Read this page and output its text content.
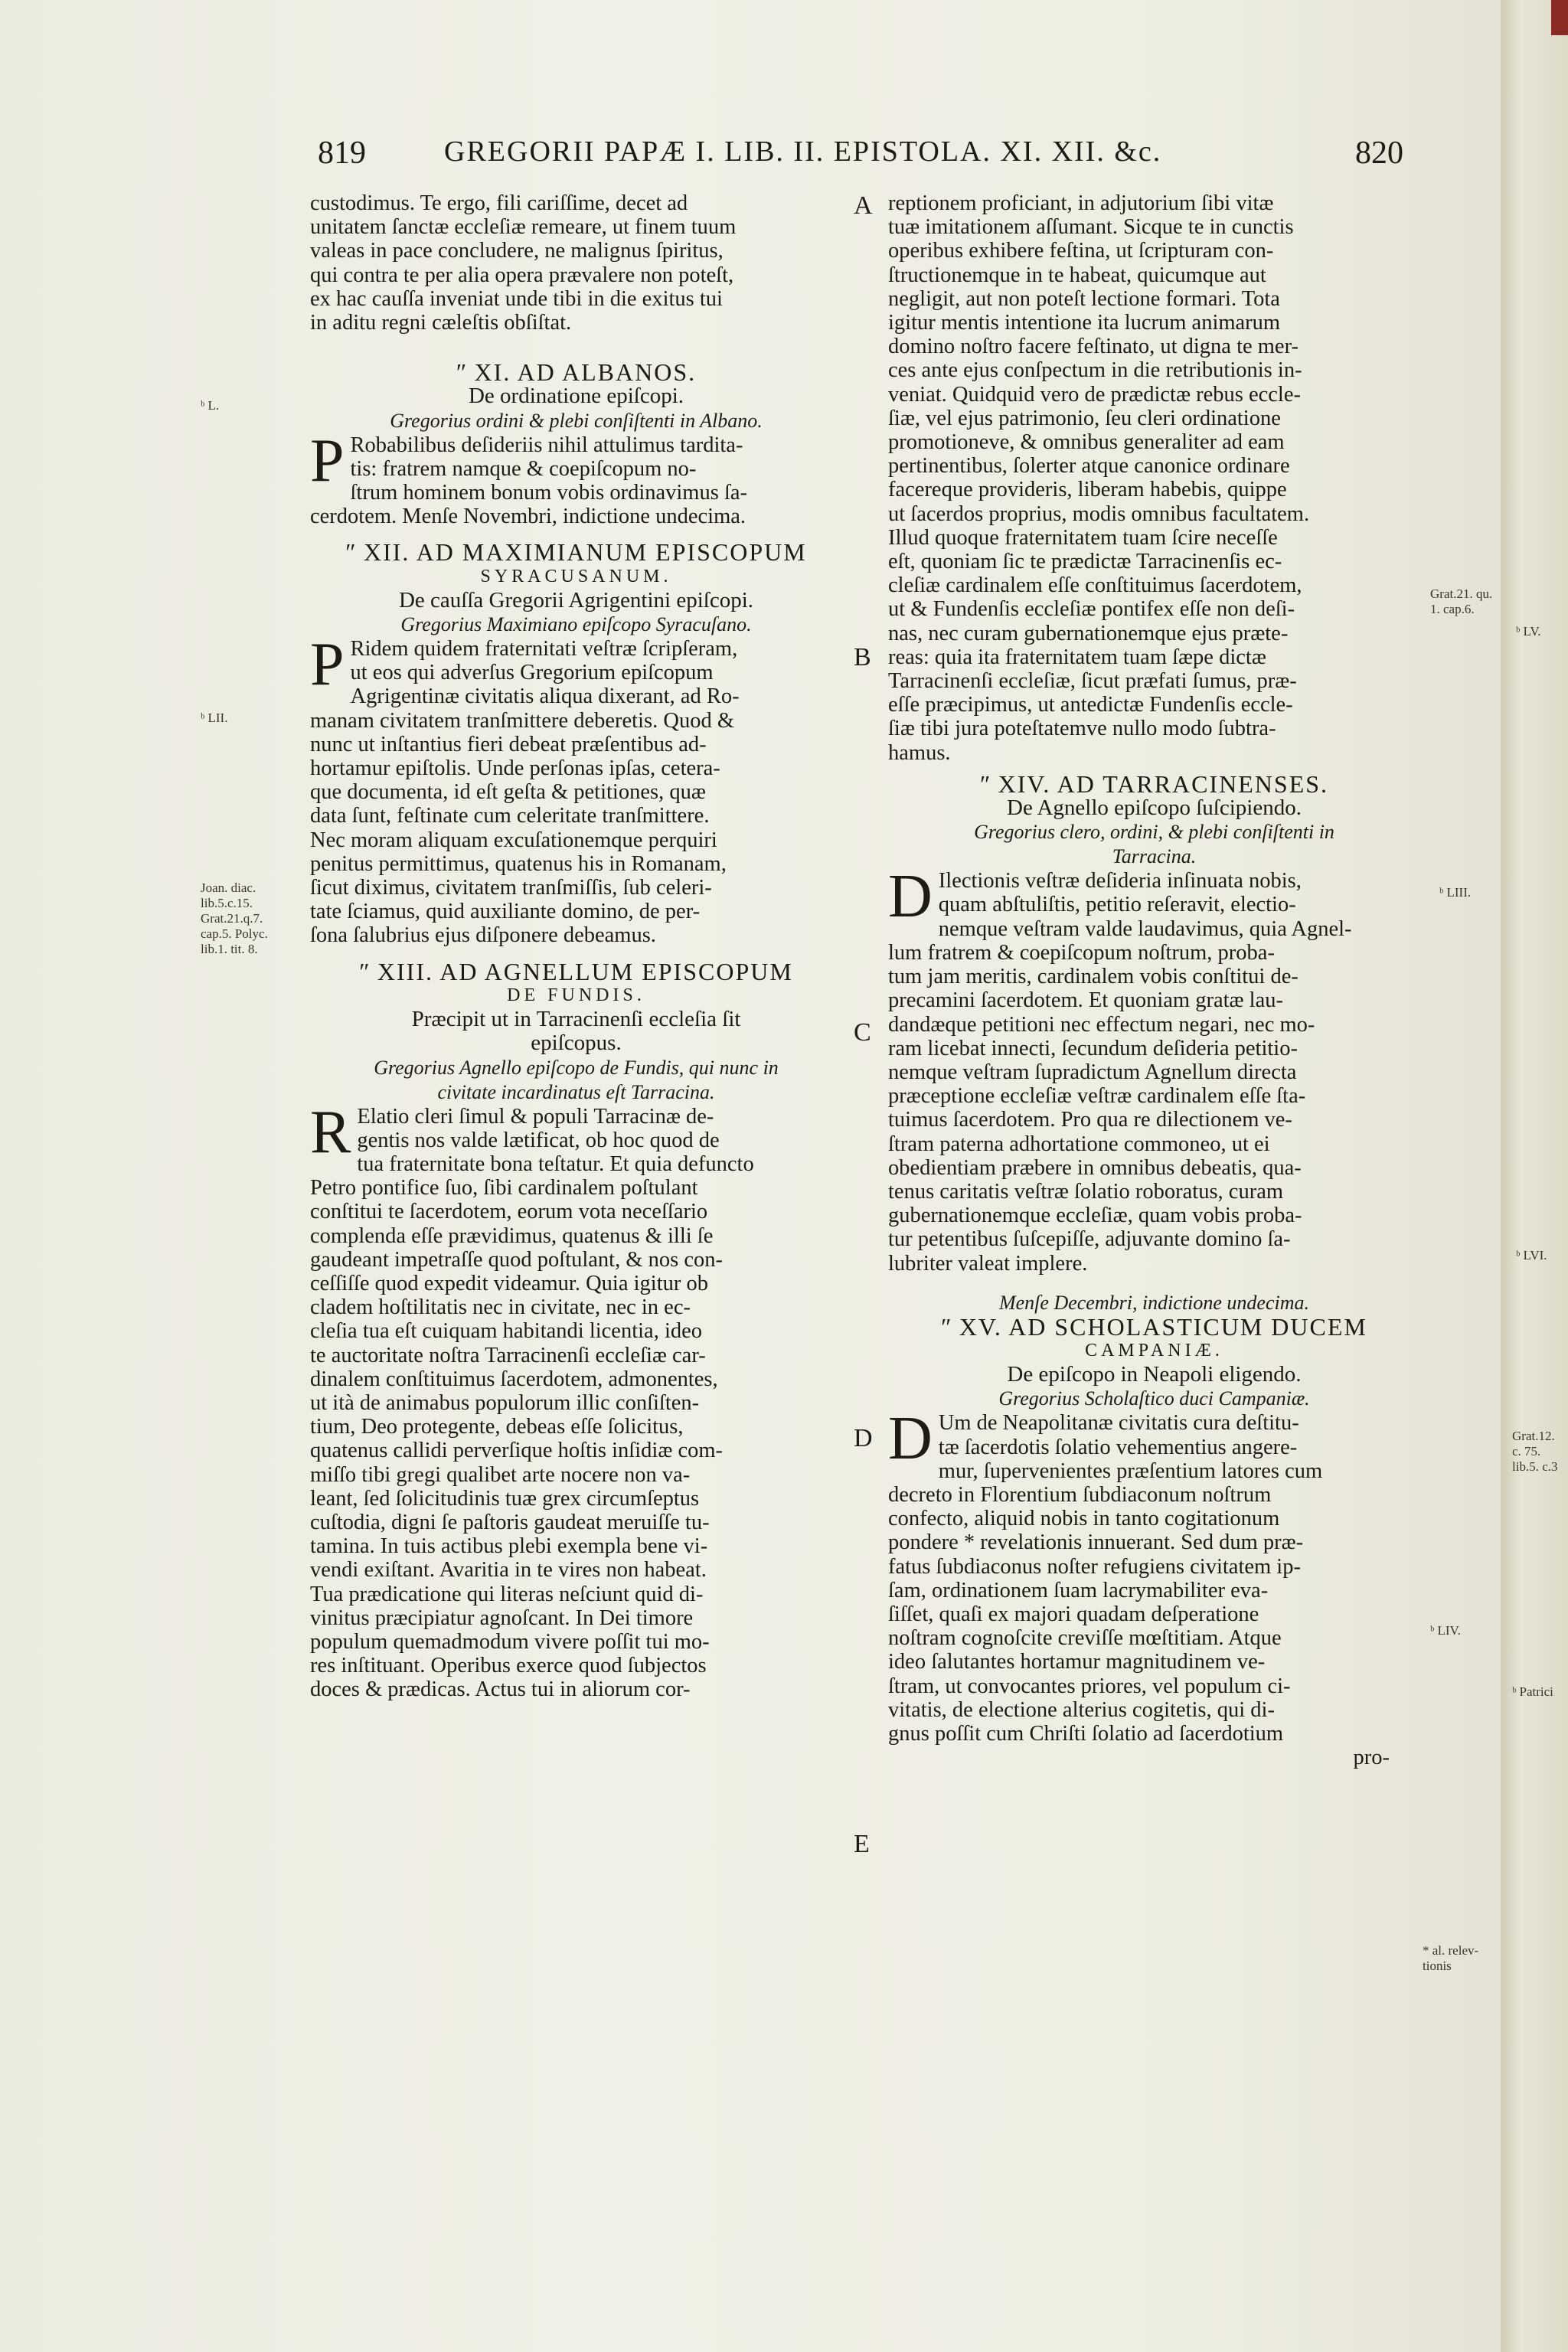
819	GREGORII PAPÆ I. LIB. II. EPISTOLA. XI. XII. &c.	820
A
B
C
D
E
ᵇ L.
ᵇ LII.
Joan. diac.
lib.5.c.15.
Grat.21.q.7.
cap.5. Polyc.
lib.1. tit. 8.
Grat.21. qu.
1. cap.6.
ᵇ LV.
ᵇ LIII.
ᵇ LVI.
Grat.12.
c. 75.
lib.5. c.3
ᵇ LIV.
ᵇ Patrici
* al. relev-
tionis
custodimus. Te ergo, fili cariſſime, decet ad
unitatem ſanctæ eccleſiæ remeare, ut finem tuum
valeas in pace concludere, ne malignus ſpiritus,
qui contra te per alia opera prævalere non poteſt,
ex hac cauſſa inveniat unde tibi in die exitus tui
in aditu regni cæleſtis obſiſtat.
ʺ XI. AD ALBANOS.
De ordinatione epiſcopi.
Gregorius ordini & plebi conſiſtenti in Albano.
P Robabilibus deſideriis nihil attulimus tardita-
tis: fratrem namque & coepiſcopum no-
ſtrum hominem bonum vobis ordinavimus ſa-
cerdotem. Menſe Novembri, indictione undecima.
ʺ XII. AD MAXIMIANUM EPISCOPUM
SYRACUSANUM.
De cauſſa Gregorii Agrigentini epiſcopi.
Gregorius Maximiano epiſcopo Syracuſano.
P Ridem quidem fraternitati veſtræ ſcripſeram,
ut eos qui adverſus Gregorium epiſcopum
Agrigentinæ civitatis aliqua dixerant, ad Ro-
manam civitatem tranſmittere deberetis. Quod &
nunc ut inſtantius fieri debeat præſentibus ad-
hortamur epiſtolis. Unde perſonas ipſas, cetera-
que documenta, id eſt geſta & petitiones, quæ
data ſunt, feſtinate cum celeritate tranſmittere.
Nec moram aliquam excuſationemque perquiri
penitus permittimus, quatenus his in Romanam,
ſicut diximus, civitatem tranſmiſſis, ſub celeri-
tate ſciamus, quid auxiliante domino, de per-
ſona ſalubrius ejus diſponere debeamus.
ʺ XIII. AD AGNELLUM EPISCOPUM
DE FUNDIS.
Præcipit ut in Tarracinenſi eccleſia ſit
epiſcopus.
Gregorius Agnello epiſcopo de Fundis, qui nunc in
civitate incardinatus eſt Tarracina.
R Elatio cleri ſimul & populi Tarracinæ de-
gentis nos valde lætificat, ob hoc quod de
tua fraternitate bona teſtatur. Et quia defuncto
Petro pontifice ſuo, ſibi cardinalem poſtulant
conſtitui te ſacerdotem, eorum vota neceſſario
complenda eſſe prævidimus, quatenus & illi ſe
gaudeant impetraſſe quod poſtulant, & nos con-
ceſſiſſe quod expedit videamur. Quia igitur ob
cladem hoſtilitatis nec in civitate, nec in ec-
cleſia tua eſt cuiquam habitandi licentia, ideo
te auctoritate noſtra Tarracinenſi eccleſiæ car-
dinalem conſtituimus ſacerdotem, admonentes,
ut ità de animabus populorum illic conſiſten-
tium, Deo protegente, debeas eſſe ſolicitus,
quatenus callidi perverſique hoſtis inſidiæ com-
miſſo tibi gregi qualibet arte nocere non va-
leant, ſed ſolicitudinis tuæ grex circumſeptus
cuſtodia, digni ſe paſtoris gaudeat meruiſſe tu-
tamina. In tuis actibus plebi exempla bene vi-
vendi exiſtant. Avaritia in te vires non habeat.
Tua prædicatione qui literas neſciunt quid di-
vinitus præcipiatur agnoſcant. In Dei timore
populum quemadmodum vivere poſſit tui mo-
res inſtituant. Operibus exerce quod ſubjectos
doces & prædicas. Actus tui in aliorum cor-
reptionem proficiant, in adjutorium ſibi vitæ
tuæ imitationem aſſumant. Sicque te in cunctis
operibus exhibere feſtina, ut ſcripturam con-
ſtructionemque in te habeat, quicumque aut
negligit, aut non poteſt lectione formari. Tota
igitur mentis intentione ita lucrum animarum
domino noſtro facere feſtinato, ut digna te mer-
ces ante ejus conſpectum in die retributionis in-
veniat. Quidquid vero de prædictæ rebus eccle-
ſiæ, vel ejus patrimonio, ſeu cleri ordinatione
promotioneve, & omnibus generaliter ad eam
pertinentibus, ſolerter atque canonice ordinare
facereque provideris, liberam habebis, quippe
ut ſacerdos proprius, modis omnibus facultatem.
Illud quoque fraternitatem tuam ſcire neceſſe
eſt, quoniam ſic te prædictæ Tarracinenſis ec-
cleſiæ cardinalem eſſe conſtituimus ſacerdotem,
ut & Fundenſis eccleſiæ pontifex eſſe non deſi-
nas, nec curam gubernationemque ejus præte-
reas: quia ita fraternitatem tuam ſæpe dictæ
Tarracinenſi eccleſiæ, ſicut præfati ſumus, præ-
eſſe præcipimus, ut antedictæ Fundenſis eccle-
ſiæ tibi jura poteſtatemve nullo modo ſubtra-
hamus.
ʺ XIV. AD TARRACINENSES.
De Agnello epiſcopo ſuſcipiendo.
Gregorius clero, ordini, & plebi conſiſtenti in
Tarracina.
D Ilectionis veſtræ deſideria inſinuata nobis,
quam abſtuliſtis, petitio reſeravit, electio-
nemque veſtram valde laudavimus, quia Agnel-
lum fratrem & coepiſcopum noſtrum, proba-
tum jam meritis, cardinalem vobis conſtitui de-
precamini ſacerdotem. Et quoniam gratæ lau-
dandæque petitioni nec effectum negari, nec mo-
ram licebat innecti, ſecundum deſideria petitio-
nemque veſtram ſupradictum Agnellum directa
præceptione eccleſiæ veſtræ cardinalem eſſe ſta-
tuimus ſacerdotem. Pro qua re dilectionem ve-
ſtram paterna adhortatione commoneo, ut ei
obedientiam præbere in omnibus debeatis, qua-
tenus caritatis veſtræ ſolatio roboratus, curam
gubernationemque eccleſiæ, quam vobis proba-
tur petentibus ſuſcepiſſe, adjuvante domino ſa-
lubriter valeat implere.
Menſe Decembri, indictione undecima.
ʺ XV. AD SCHOLASTICUM DUCEM
CAMPANIÆ.
De epiſcopo in Neapoli eligendo.
Gregorius Scholaſtico duci Campaniæ.
D Um de Neapolitanæ civitatis cura deſtitu-
tæ ſacerdotis ſolatio vehementius angere-
mur, ſupervenientes præſentium latores cum
decreto in Florentium ſubdiaconum noſtrum
confecto, aliquid nobis in tanto cogitationum
pondere * revelationis innuerant. Sed dum præ-
fatus ſubdiaconus noſter refugiens civitatem ip-
ſam, ordinationem ſuam lacrymabiliter eva-
ſiſſet, quaſi ex majori quadam deſperatione
noſtram cognoſcite creviſſe mœſtitiam. Atque
ideo ſalutantes hortamur magnitudinem ve-
ſtram, ut convocantes priores, vel populum ci-
vitatis, de electione alterius cogitetis, qui di-
gnus poſſit cum Chriſti ſolatio ad ſacerdotium
pro-
